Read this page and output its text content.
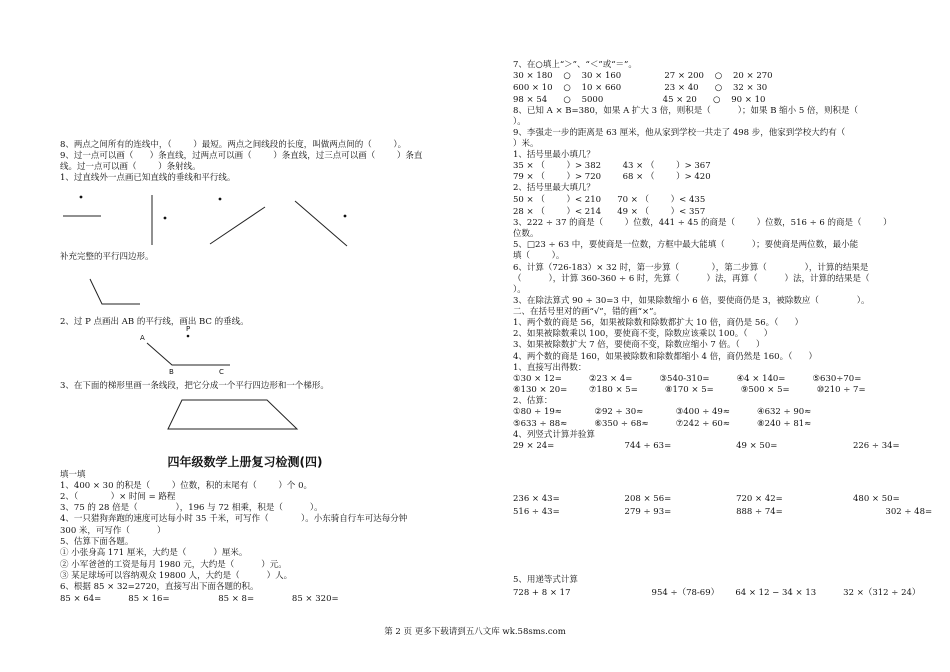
8、两点之间所有的连线中，（        ）最短。两点之间线段的长度，叫做两点间的（        ）。
9、过一点可以画（      ）条直线，过两点可以画（        ）条直线，过三点可以画（        ）条直
线。过一点可以画（        ）条射线。
1、过直线外一点画已知直线的垂线和平行线。
补充完整的平行四边形。
2、过 P 点画出 AB 的平行线，画出 BC 的垂线。
P
A
B	C
3、在下面的梯形里画一条线段，把它分成一个平行四边形和一个梯形。
四年级数学上册复习检测(四)
填一填
1、400 × 30 的积是（        ）位数，积的末尾有（        ）个 0。
2、（            ）× 时间 = 路程
3、75 的 28 倍是（              ），196 与 72 相乘，积是（          ）。
4、一只猎狗奔跑的速度可达每小时 35 千米，可写作（            ）。小东骑自行车可达每分钟
300 米，可写作（          ）
5、估算下面各题。
① 小张身高 171 厘米，大约是（          ）厘米。
② 小军爸爸的工资是每月 1980 元，大约是（          ）元。
③ 某足球场可以容纳观众 19800 人，大约是（          ）人。
6、根据 85 × 32=2720，直接写出下面各题的积。
85 × 64=          85 × 16=                  85 × 8=              85 × 320=
7、在○填上“＞”、“＜”或“＝”。
30 × 180    ○    30 × 160                27 × 200    ○    20 × 270
600 × 10    ○    10 × 660                23 × 40      ○    32 × 30
98 × 54      ○    5000                      45 × 20      ○    90 × 10
8、已知 A × B=380，如果 A 扩大 3 倍，则积是（          ）；如果 B 缩小 5 倍，则积是（
）。
9、李强走一步的距离是 63 厘米，他从家到学校一共走了 498 步，他家到学校大约有（
）米。
1、括号里最小填几？
35 × （        ）> 382        43 × （        ）> 367
79 × （        ）> 720        68 × （        ）> 420
2、括号里最大填几？
50 × （        ）< 210      70 × （        ）< 435
28 × （        ）< 214      49 × （        ）< 357
3、222 ÷ 37 的商是（        ）位数，441 ÷ 45 的商是（        ）位数，516 ÷ 6 的商是（        ）
位数。
5、□23 ÷ 63 中，要使商是一位数，方框中最大能填（          ）；要使商是两位数，最小能
填（        ）。
6、计算（726-183）× 32 时，第一步算（            ），第二步算（              ），计算的结果是
（          ），计算 360-360 ÷ 6 时，先算（          ）法，再算（          ）法，计算的结果是（
）。
3、在除法算式 90 ÷ 30=3 中，如果除数缩小 6 倍，要使商仍是 3，被除数应（              ）。
二、在括号里对的画“√”，错的画“×”。
1、两个数的商是 56，如果被除数和除数都扩大 10 倍，商仍是 56。（      ）
2、如果被除数乘以 100，要使商不变，除数应该乘以 100。（      ）
3、如果被除数扩大 7 倍，要使商不变，除数应缩小 7 倍。（      ）
4、两个数的商是 160，如果被除数和除数都缩小 4 倍，商仍然是 160。（      ）
1、直接写出得数：
①30 × 12=          ②23 × 4=          ③540-310=          ④4 × 140=          ⑤630÷70=
⑥130 × 20=        ⑦180 × 5=          ⑧170 × 5=          ⑨500 × 5=          ⑩210 ÷ 7=
2、估算：
①80 ÷ 19≈            ②92 ÷ 30≈            ③400 ÷ 49≈          ④632 ÷ 90≈
⑤633 ÷ 88≈          ⑥350 ÷ 68≈          ⑦242 ÷ 60≈          ⑧240 ÷ 81≈
4、列竖式计算并验算
29 × 24=                          744 ÷ 63=                        49 × 50=                            226 ÷ 34=
236 × 43=                        208 × 56=                        720 × 42=                          480 × 50=
516 ÷ 43=                        279 ÷ 93=                        888 ÷ 74=                                      302 ÷ 48=
5、用递等式计算
728 + 8 × 17                              954 ÷（78-69）      64 × 12 − 34 × 13          32 ×（312 ÷ 24）
第 2 页 更多下载请到五八文库 wk.58sms.com
